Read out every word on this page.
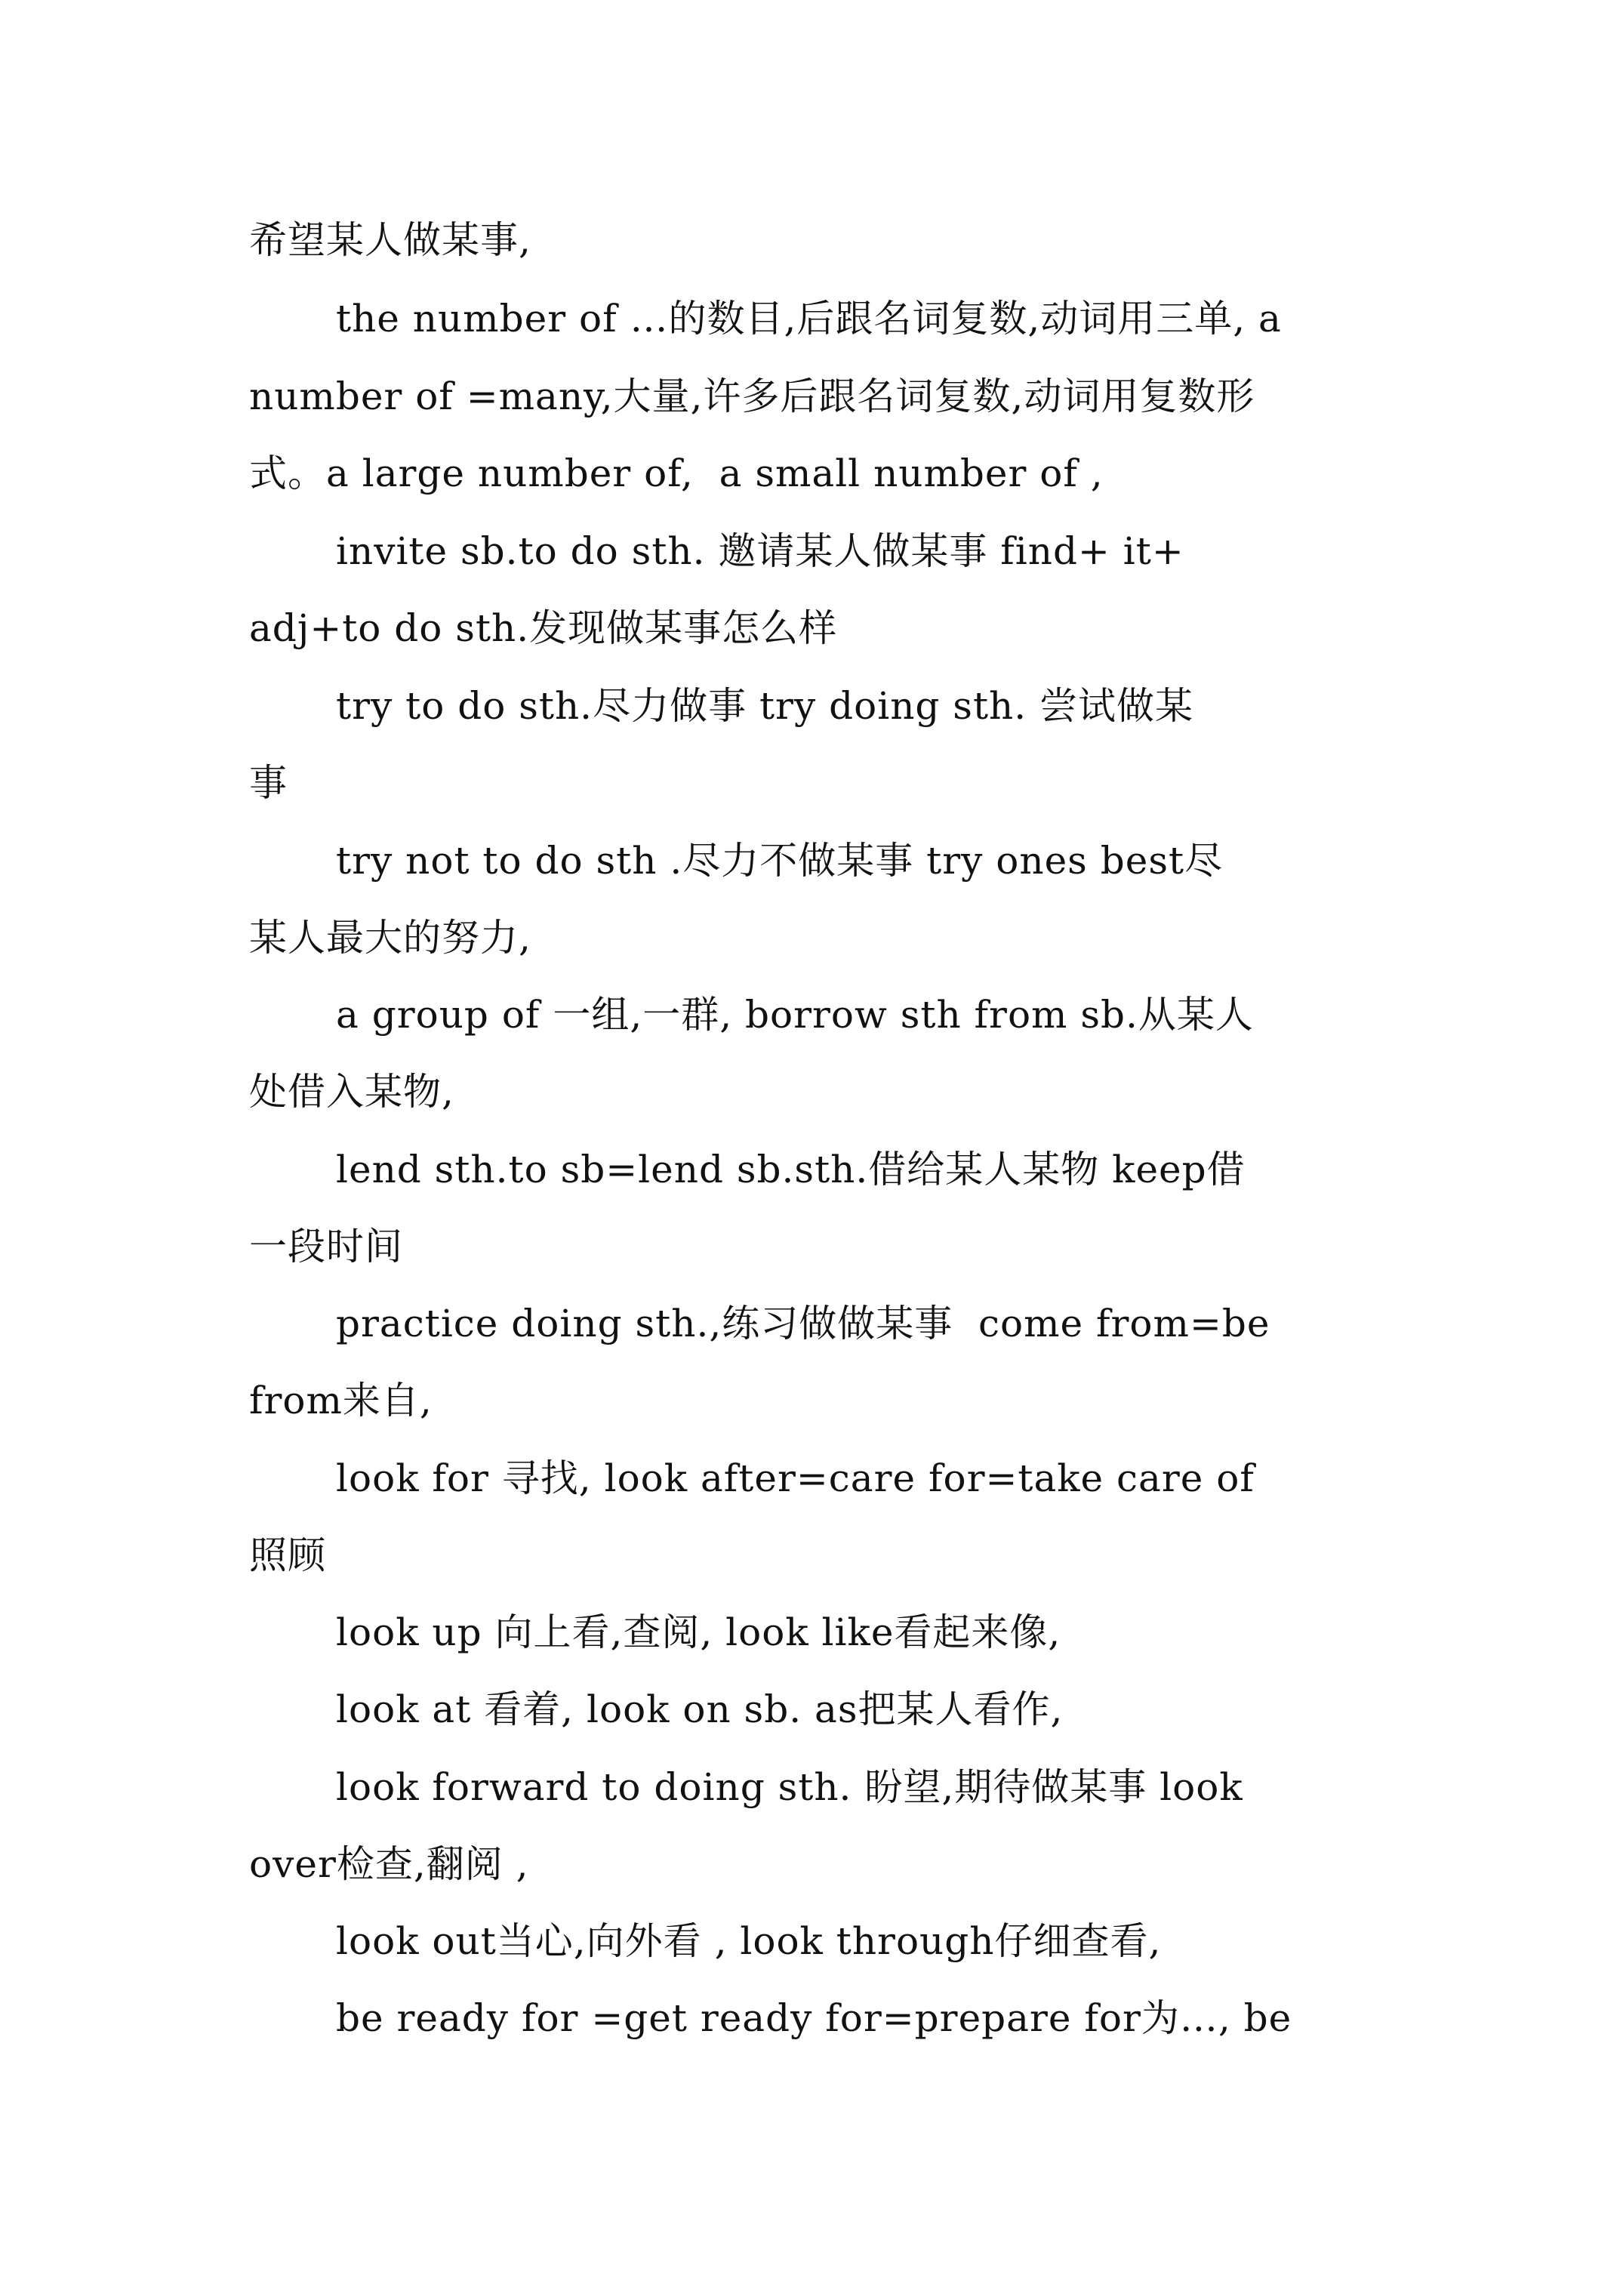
希望某人做某事,
the number of …的数目,后跟名词复数,动词用三单, a
number of =many,大量,许多后跟名词复数,动词用复数形
式。a large number of,  a small number of ,
invite sb.to do sth. 邀请某人做某事 find+ it+
adj+to do sth.发现做某事怎么样
try to do sth.尽力做事 try doing sth. 尝试做某
事
try not to do sth .尽力不做某事 try ones best尽
某人最大的努力,
a group of 一组,一群, borrow sth from sb.从某人
处借入某物,
lend sth.to sb=lend sb.sth.借给某人某物 keep借
一段时间
practice doing sth.,练习做做某事  come from=be
from来自,
look for 寻找, look after=care for=take care of
照顾
look up 向上看,查阅, look like看起来像,
look at 看着, look on sb. as把某人看作,
look forward to doing sth. 盼望,期待做某事 look
over检查,翻阅 ,
look out当心,向外看 , look through仔细查看,
be ready for =get ready for=prepare for为…, be
